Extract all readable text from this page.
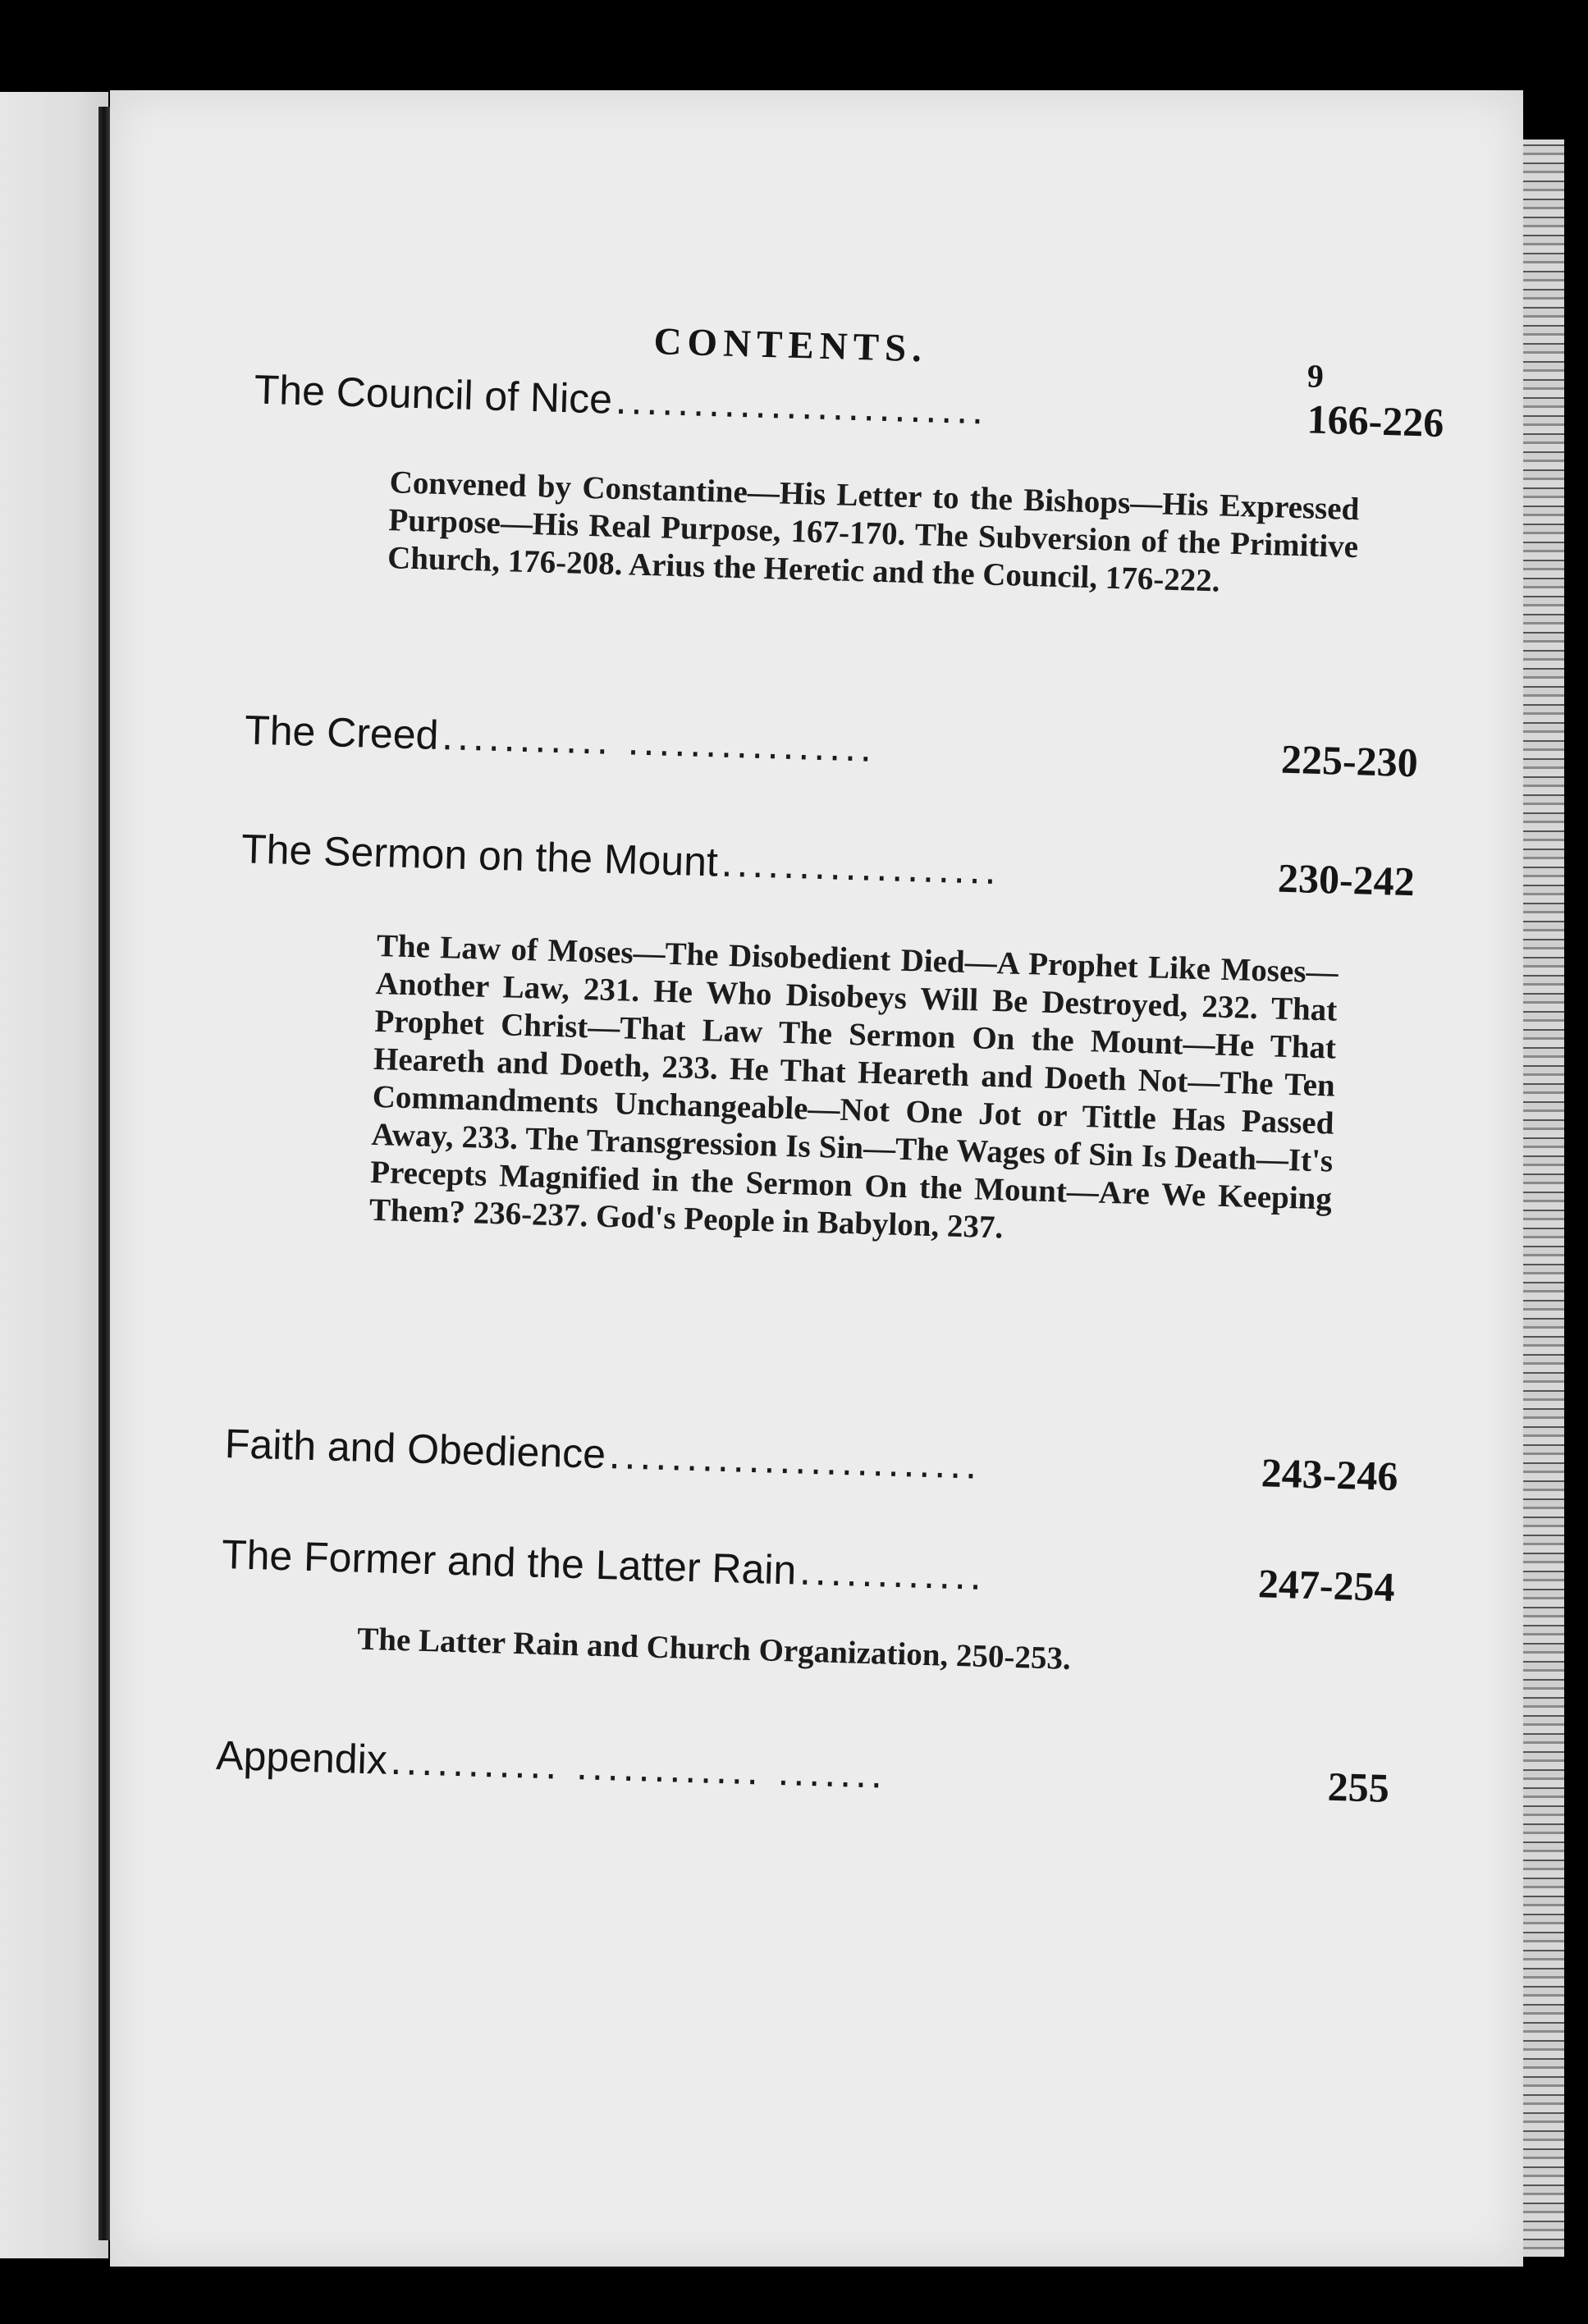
CONTENTS.
9
The Council of Nice ........................	166-226
Convened by Constantine—His Letter to the Bishops—His Expressed Purpose—His Real Purpose, 167-170. The Subversion of the Primitive Church, 176-208. Arius the Heretic and the Council, 176-222.
The Creed ........... ................	225-230
The Sermon on the Mount ..................	230-242
The Law of Moses—The Disobedient Died—A Prophet Like Moses—Another Law, 231. He Who Disobeys Will Be Destroyed, 232. That Prophet Christ—That Law The Sermon On the Mount—He That Heareth and Doeth, 233. He That Heareth and Doeth Not—The Ten Commandments Unchangeable—Not One Jot or Tittle Has Passed Away, 233. The Transgression Is Sin—The Wages of Sin Is Death—It's Precepts Magnified in the Sermon On the Mount—Are We Keeping Them? 236-237. God's People in Babylon, 237.
Faith and Obedience ........................	243-246
The Former and the Latter Rain ............	247-254
The Latter Rain and Church Organization, 250-253.
Appendix ........... ............ .......	255
